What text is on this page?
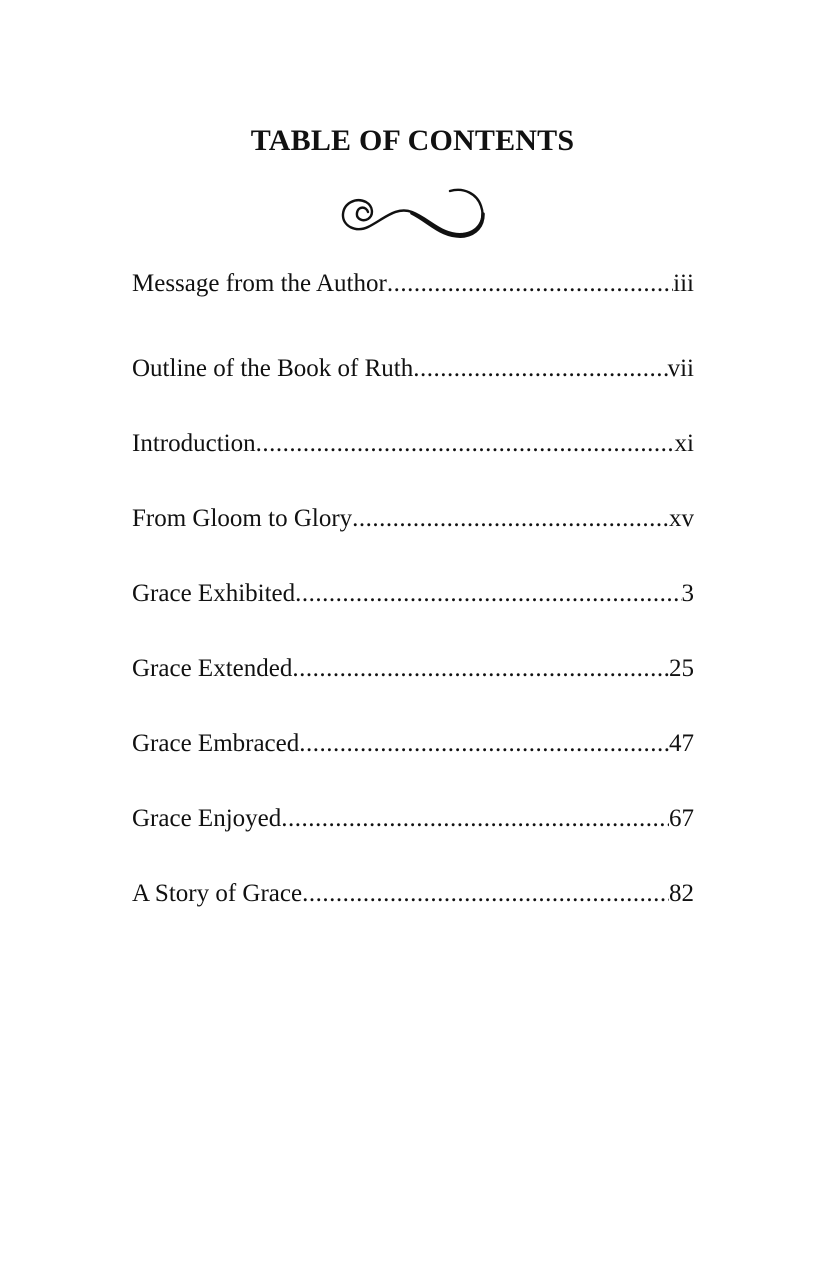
TABLE OF CONTENTS
Message from the Author .....	iii
Outline of the Book of Ruth .....	vii
Introduction .....	xi
From Gloom to Glory .....	xv
Grace Exhibited .....	3
Grace Extended .....	25
Grace Embraced .....	47
Grace Enjoyed .....	67
A Story of Grace .....	82
